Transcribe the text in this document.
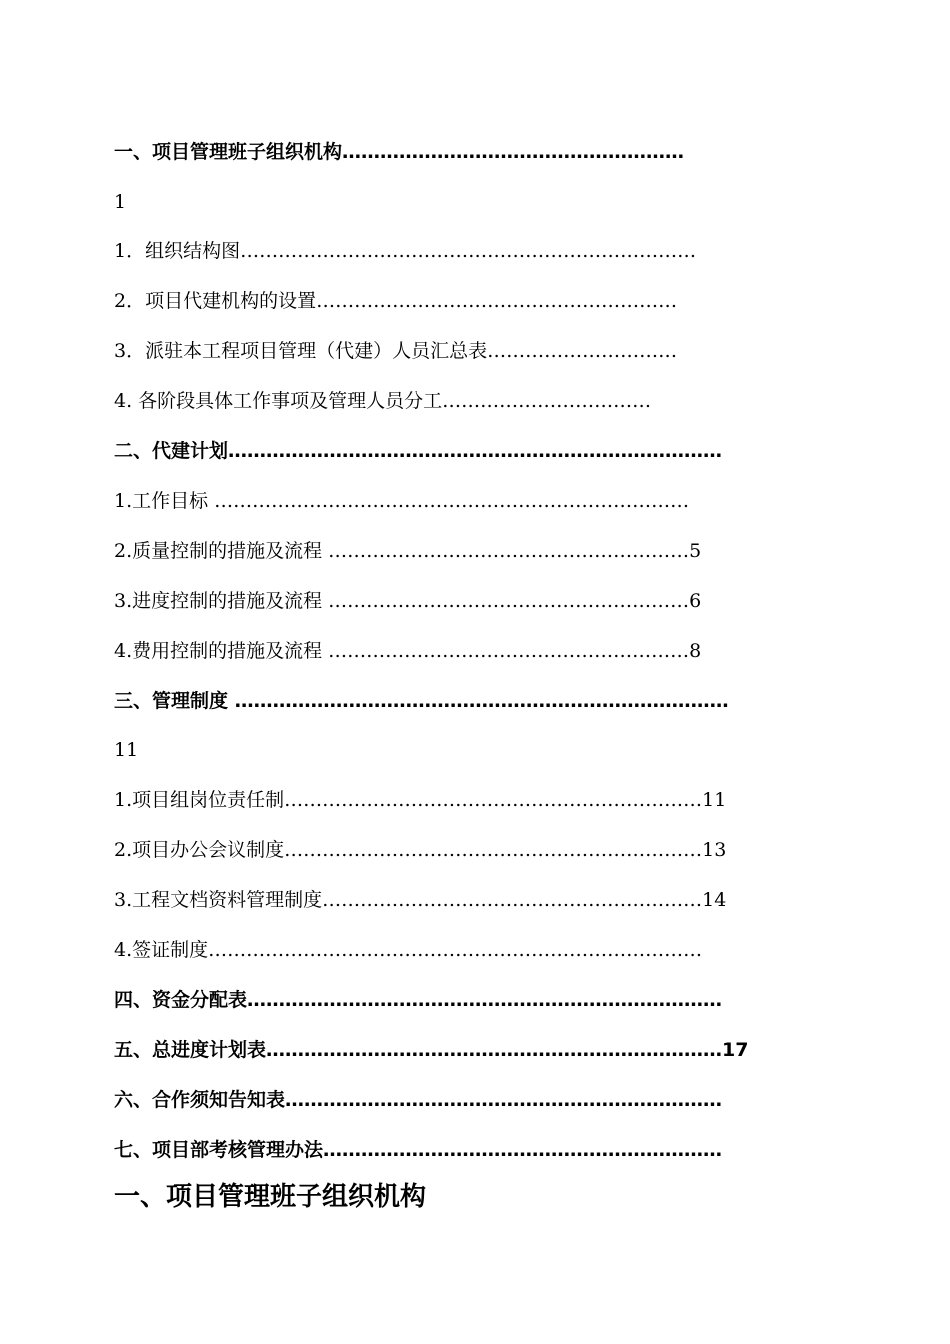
一、项目管理班子组织机构………………………………………………
1
1．组织结构图………………………………………………………………
2．项目代建机构的设置…………………………………………………
3．派驻本工程项目管理（代建）人员汇总表…………………………
4. 各阶段具体工作事项及管理人员分工……………………………
二、代建计划……………………………………………………………………
1.工作目标 …………………………………………………………………
2.质量控制的措施及流程 …………………………………………………5
3.进度控制的措施及流程 …………………………………………………6
4.费用控制的措施及流程 …………………………………………………8
三、管理制度 ……………………………………………………………………
11
1.项目组岗位责任制…………………………………………………………11
2.项目办公会议制度…………………………………………………………13
3.工程文档资料管理制度……………………………………………………14
4.签证制度……………………………………………………………………
四、资金分配表…………………………………………………………………
五、总进度计划表………………………………………………………………17
六、合作须知告知表……………………………………………………………
七、项目部考核管理办法………………………………………………………
一、项目管理班子组织机构
